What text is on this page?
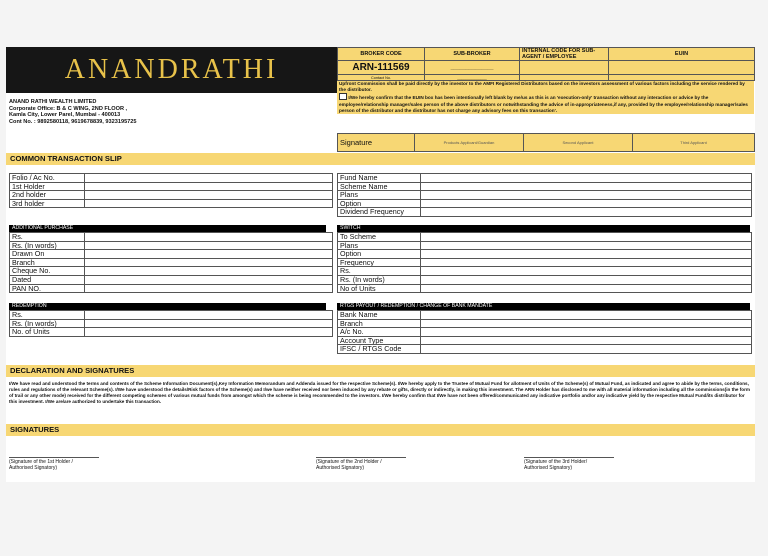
ANANDRATHI
ANAND RATHI WEALTH LIMITED
Corporate Office: B & C WING, 2ND FLOOR ,
Kamla City, Lower Parel, Mumbai - 400013
Cont No. : 9892580118, 9619678839, 9323195725
BROKER CODE	SUB-BROKER	INTERNAL CODE FOR SUB-AGENT / EMPLOYEE	EUIN
ARN-111569	______________		
Contact No.	______________		

Upfront Commission shall be paid directly by the investor to the AMFI Registered Distributors based on the investors assessment of various factors including the service rendered by the distributor.

I/We hereby confirm that the EUIN box has been intentionally left blank by me/us as this is an 'execution-only' transaction without any interaction or advice by the employee/relationship manager/sales person of the above distributors or notwithstanding the advice of in-appropriateness,if any, provided by the employee/relationship manager/sales person of the distributor and the distributor has not charge any advisory fees on this transaction'.

Signature	Products Applicant/Guardian	Second Applicant	Third Applicant
COMMON TRANSACTION SLIP
Folio / Ac No.	
1st Holder	
2nd holder	
3rd holder	
Fund Name	
Scheme Name	
Plans	
Option	
Dividend Frequency	
ADDITIONAL PURCHASE
Rs.	
Rs. (In words)	
Drawn On	
Branch	
Cheque No.	
Dated	
PAN NO.	
SWITCH
To Scheme	
Plans	
Option	
Frequency	
Rs.	
Rs. (In words)	
No of Units	
REDEMPTION
Rs.	
Rs. (In words)	
No. of Units	
RTGS PAYOUT / REDEMPTION / CHANGE OF BANK MANDATE
Bank Name	
Branch	
A/c No.	
Account Type	
IFSC / RTGS Code	
DECLARATION AND SIGNATURES
I/We have read and understood the terms and contents of the Scheme Information Document(s),Key Information Memorandum and Addenda issued for the respective Scheme(s). I/We hereby apply to the Trustee of Mutual Fund for allotment of Units of the Scheme(s) of Mutual Fund, as indicated and agree to abide by the terms, conditions, rules and regulations of the relevant Scheme(s). I/We have understood the details/Risk factors of the Scheme(s) and I/we have neither received nor been induced by any rebate or gifts, directly or indirectly, in making this investment. The ARN Holder has disclosed to me with all material information including all the commissions(in the form of trail or any other mode) received for the different competing schemes of various mutual funds from amongst which the scheme is being recommended to the investors. I/We hereby confirm that I/We have not been offered/communicated any indicative portfolio and/or any indicative yield by the respective Mutual Fund/its distributor for this investment. I/We are/are authorized to undertake this transaction.
SIGNATURES
(Signature of the 1st Holder /
Authorised Signatory)
(Signature of the 2nd Holder /
Authorised Signatory)
(Signature of the 3rd Holder/
Authorised Signatory)
